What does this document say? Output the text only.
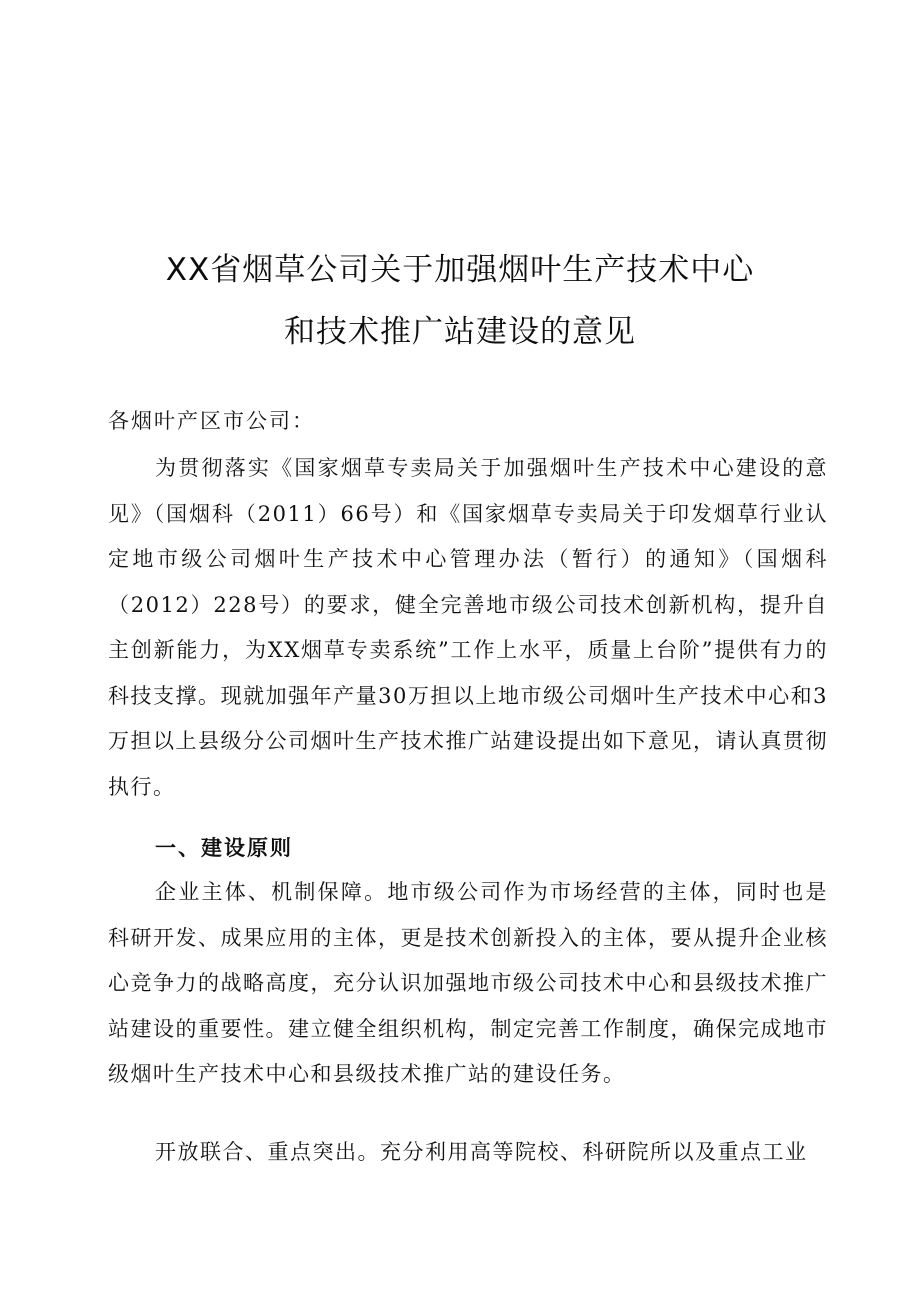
XX省烟草公司关于加强烟叶生产技术中心
和技术推广站建设的意见
各烟叶产区市公司：
为贯彻落实《国家烟草专卖局关于加强烟叶生产技术中心建设的意见》（国烟科（2011）66号）和《国家烟草专卖局关于印发烟草行业认定地市级公司烟叶生产技术中心管理办法（暂行）的通知》（国烟科（2012）228号）的要求，健全完善地市级公司技术创新机构，提升自主创新能力，为XX烟草专卖系统”工作上水平，质量上台阶”提供有力的科技支撑。现就加强年产量30万担以上地市级公司烟叶生产技术中心和3万担以上县级分公司烟叶生产技术推广站建设提出如下意见，请认真贯彻执行。
一、建设原则
企业主体、机制保障。地市级公司作为市场经营的主体，同时也是科研开发、成果应用的主体，更是技术创新投入的主体，要从提升企业核心竞争力的战略高度，充分认识加强地市级公司技术中心和县级技术推广站建设的重要性。建立健全组织机构，制定完善工作制度，确保完成地市级烟叶生产技术中心和县级技术推广站的建设任务。
开放联合、重点突出。充分利用高等院校、科研院所以及重点工业
